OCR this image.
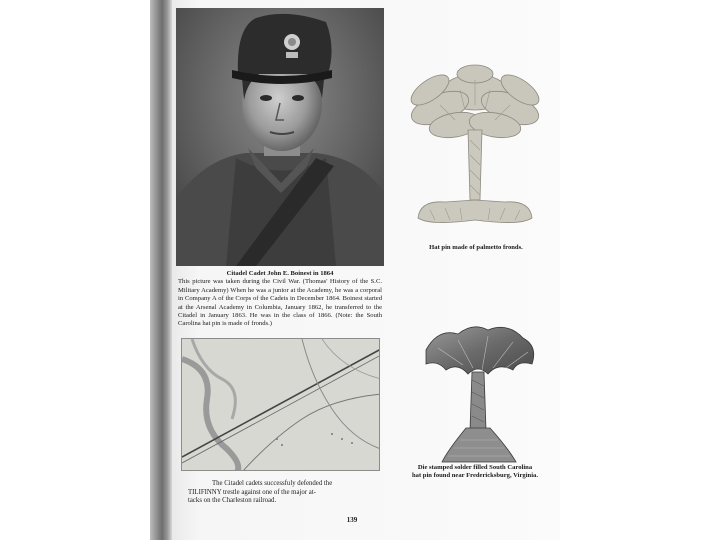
Citadel Cadet John E. Boinest in 1864
This picture was taken during the Civil War. (Thomas' History of the S.C. Military Academy) When he was a junior at the Academy, he was a corporal in Company A of the Corps of the Cadets in December 1864. Boinest started at the Arsenal Academy in Columbia, January 1862, he transferred to the Citadel in January 1863. He was in the class of 1866. (Note: the South Carolina hat pin is made of fronds.)
The Citadel cadets successfuly defended the
TILIFINNY trestle against one of the major at-
tacks on the Charleston railroad.
Hat pin made of palmetto fronds.
Die stamped solder filled South Carolina
hat pin found near Fredericksburg, Virginia.
139
